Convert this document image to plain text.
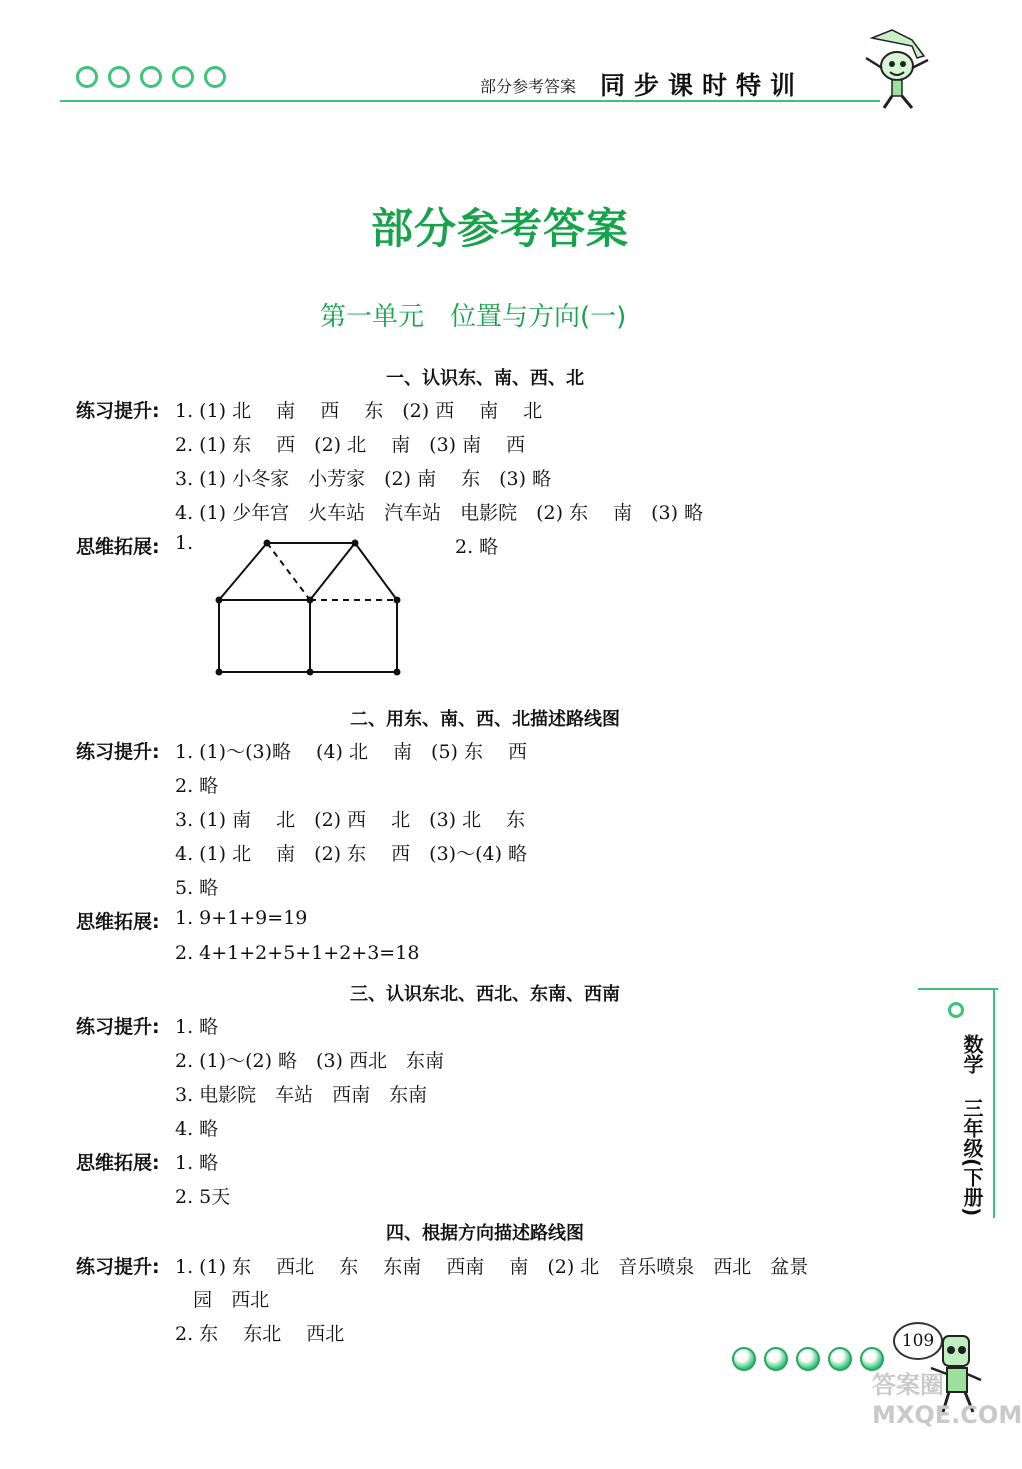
部分参考答案 同步课时特训
部分参考答案
第一单元　位置与方向(一)
一、认识东、南、西、北
练习提升: 1. (1) 北　 南　 西　 东　(2) 西　 南　 北
2. (1) 东　 西　(2) 北　 南　(3) 南　 西
3. (1) 小冬家　小芳家　(2) 南　 东　(3) 略
4. (1) 少年宫　火车站　汽车站　电影院　(2) 东　 南　(3) 略
思维拓展: 1.	2. 略
二、用东、南、西、北描述路线图
练习提升: 1. (1)～(3)略　 (4) 北　 南　(5) 东　 西
2. 略
3. (1) 南　 北　(2) 西　 北　(3) 北　 东
4. (1) 北　 南　(2) 东　 西　(3)～(4) 略
5. 略
思维拓展: 1. 9+1+9=19
2. 4+1+2+5+1+2+3=18
三、认识东北、西北、东南、西南
练习提升: 1. 略
2. (1)～(2) 略　(3) 西北　东南
3. 电影院　车站　西南　东南
4. 略
思维拓展: 1. 略
2. 5天
四、根据方向描述路线图
练习提升: 1. (1) 东　 西北　 东　 东南　 西南　 南　(2) 北　音乐喷泉　西北　盆景
园　西北
2. 东　 东北　 西北
数学
三年级(下册)
109
答案圈 MXQE.COM
